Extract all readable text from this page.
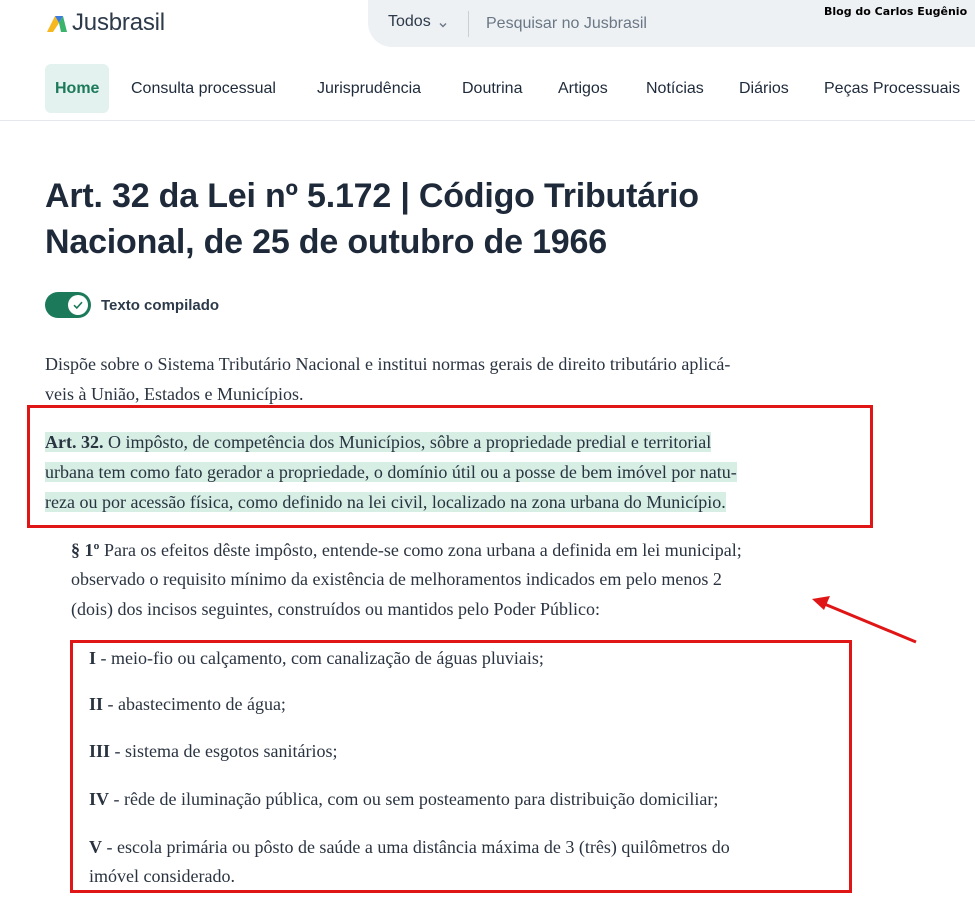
Jusbrasil	Todos	Pesquisar no Jusbrasil
Blog do Carlos Eugênio
Home	Consulta processual	Jurisprudência	Doutrina Artigos Notícias Diários Peças Processuais
Art. 32 da Lei nº 5.172 | Código Tributário
Nacional, de 25 de outubro de 1966
Texto compilado
Dispõe sobre o Sistema Tributário Nacional e institui normas gerais de direito tributário aplicá-
veis à União, Estados e Municípios.
Art. 32. O impôsto, de competência dos Municípios, sôbre a propriedade predial e territorial
urbana tem como fato gerador a propriedade, o domínio útil ou a posse de bem imóvel por natu-
reza ou por acessão física, como definido na lei civil, localizado na zona urbana do Município.
§ 1º Para os efeitos dêste impôsto, entende-se como zona urbana a definida em lei municipal;
observado o requisito mínimo da existência de melhoramentos indicados em pelo menos 2
(dois) dos incisos seguintes, construídos ou mantidos pelo Poder Público:
I - meio-fio ou calçamento, com canalização de águas pluviais;
II - abastecimento de água;
III - sistema de esgotos sanitários;
IV - rêde de iluminação pública, com ou sem posteamento para distribuição domiciliar;
V - escola primária ou pôsto de saúde a uma distância máxima de 3 (três) quilômetros do
imóvel considerado.
